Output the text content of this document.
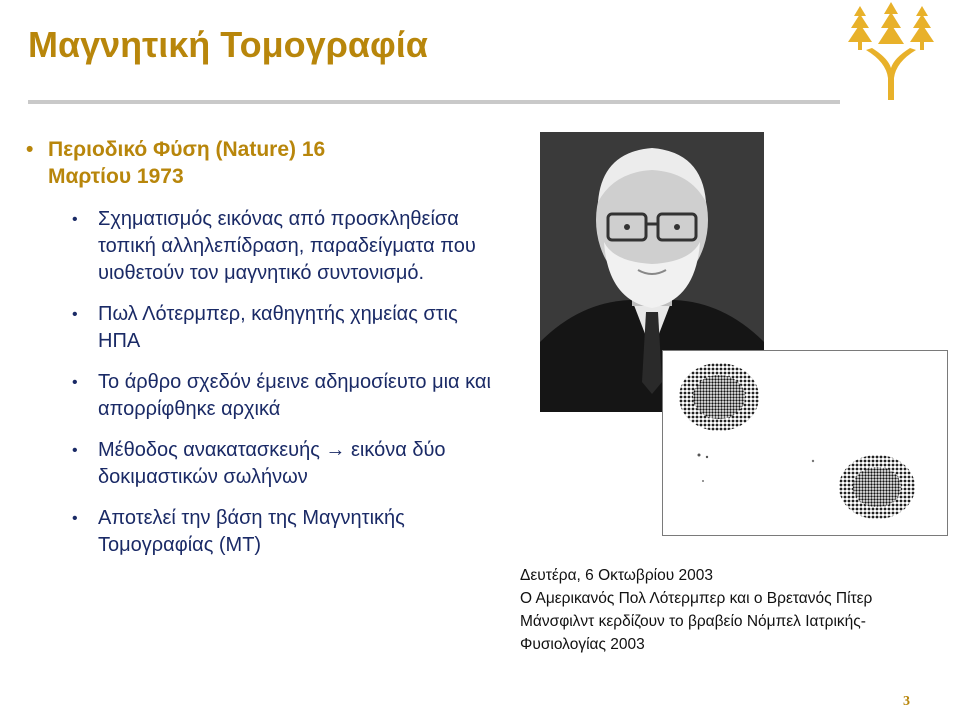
Μαγνητική Τομογραφία
• Περιοδικό Φύση (Nature) 16
Μαρτίου 1973
• Σχηματισμός εικόνας από προσκληθείσα τοπική αλληλεπίδραση, παραδείγματα που υιοθετούν τον μαγνητικό συντονισμό.
• Πωλ Λότερμπερ, καθηγητής χημείας στις ΗΠΑ
• Το άρθρο σχεδόν έμεινε αδημοσίευτο μια και απορρίφθηκε αρχικά
• Μέθοδος ανακατασκευής → εικόνα δύο δοκιμαστικών σωλήνων
• Αποτελεί την βάση της Μαγνητικής Τομογραφίας (ΜΤ)
Δευτέρα, 6 Οκτωβρίου 2003
Ο Αμερικανός Πολ Λότερμπερ και ο Βρετανός Πίτερ
Μάνσφιλντ κερδίζουν το βραβείο Νόμπελ Ιατρικής-
Φυσιολογίας 2003
3
